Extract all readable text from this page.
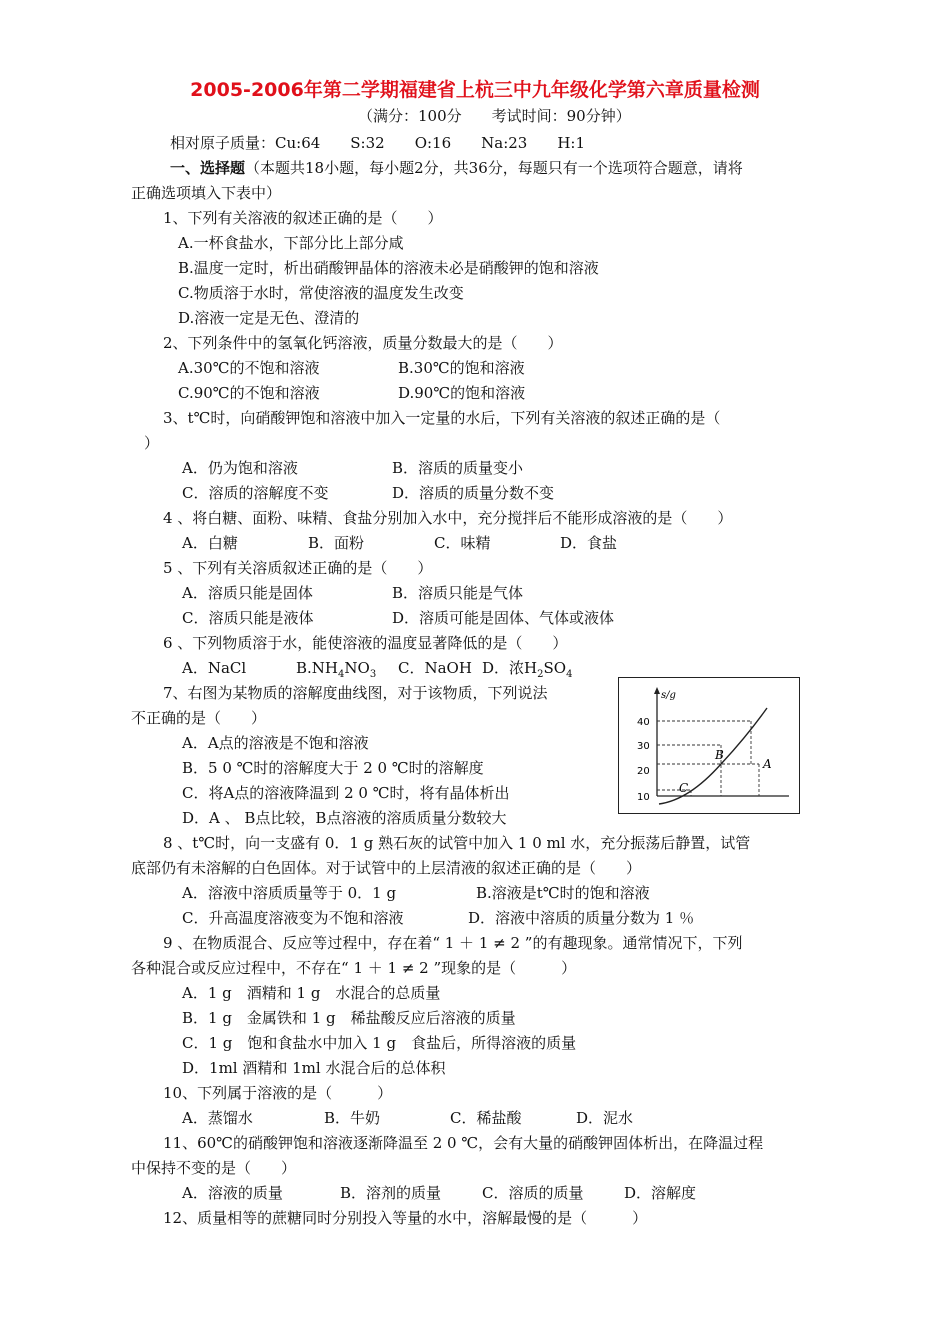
2005-2006年第二学期福建省上杭三中九年级化学第六章质量检测
（满分：100分　　考试时间：90分钟）
相对原子质量：Cu:64　　S:32　　O:16　　Na:23　　H:1
一、选择题（本题共18小题，每小题2分，共36分，每题只有一个选项符合题意，请将
正确选项填入下表中）
1、下列有关溶液的叙述正确的是（　　）
A.一杯食盐水，下部分比上部分咸
B.温度一定时，析出硝酸钾晶体的溶液未必是硝酸钾的饱和溶液
C.物质溶于水时，常使溶液的温度发生改变
D.溶液一定是无色、澄清的
2、下列条件中的氢氧化钙溶液，质量分数最大的是（　　）
A.30℃的不饱和溶液	B.30℃的饱和溶液
C.90℃的不饱和溶液	D.90℃的饱和溶液
3、t℃时，向硝酸钾饱和溶液中加入一定量的水后，下列有关溶液的叙述正确的是（
）
A．仍为饱和溶液	B．溶质的质量变小
C．溶质的溶解度不变	D．溶质的质量分数不变
4 、将白糖、面粉、味精、食盐分别加入水中，充分搅拌后不能形成溶液的是（　　）
A．白糖	B．面粉	C．味精	D．食盐
5 、下列有关溶质叙述正确的是（　　）
A．溶质只能是固体	B．溶质只能是气体
C．溶质只能是液体	D．溶质可能是固体、气体或液体
6 、下列物质溶于水，能使溶液的温度显著降低的是（　　）
A．NaCl	$B.NH_4NO_3$ C．NaOH D．浓$H_2SO_4$
7、右图为某物质的溶解度曲线图，对于该物质，下列说法
不正确的是（　　）
A．A点的溶液是不饱和溶液
B．5 0 ℃时的溶解度大于 2 0 ℃时的溶解度
C．将A点的溶液降温到 2 0 ℃时，将有晶体析出
D．A 、 B点比较，B点溶液的溶质质量分数较大
s/g
40
30
20
10
A
B
C
8 、t℃时，向一支盛有 0．1 g 熟石灰的试管中加入 1 0 ml 水，充分振荡后静置，试管
底部仍有未溶解的白色固体。对于试管中的上层清液的叙述正确的是（　　）
A．溶液中溶质质量等于 0．1 g	B.溶液是t℃时的饱和溶液
C．升高温度溶液变为不饱和溶液	D．溶液中溶质的质量分数为 1 ％
9 、在物质混合、反应等过程中，存在着“ 1 ＋ 1 ≠ 2 ”的有趣现象。通常情况下，下列
各种混合或反应过程中，不存在“ 1 ＋ 1 ≠ 2 ”现象的是（　　　）
A．1 g　酒精和 1 g　水混合的总质量
B．1 g　金属铁和 1 g　稀盐酸反应后溶液的质量
C．1 g　饱和食盐水中加入 1 g　食盐后，所得溶液的质量
D．1ml 酒精和 1ml 水混合后的总体积
10、下列属于溶液的是（　　　）
A．蒸馏水	B．牛奶	C．稀盐酸	D．泥水
11、60℃的硝酸钾饱和溶液逐渐降温至 2 0 ℃，会有大量的硝酸钾固体析出，在降温过程
中保持不变的是（　　）
A．溶液的质量	B．溶剂的质量	C．溶质的质量	D．溶解度
12、质量相等的蔗糖同时分别投入等量的水中，溶解最慢的是（　　　）
